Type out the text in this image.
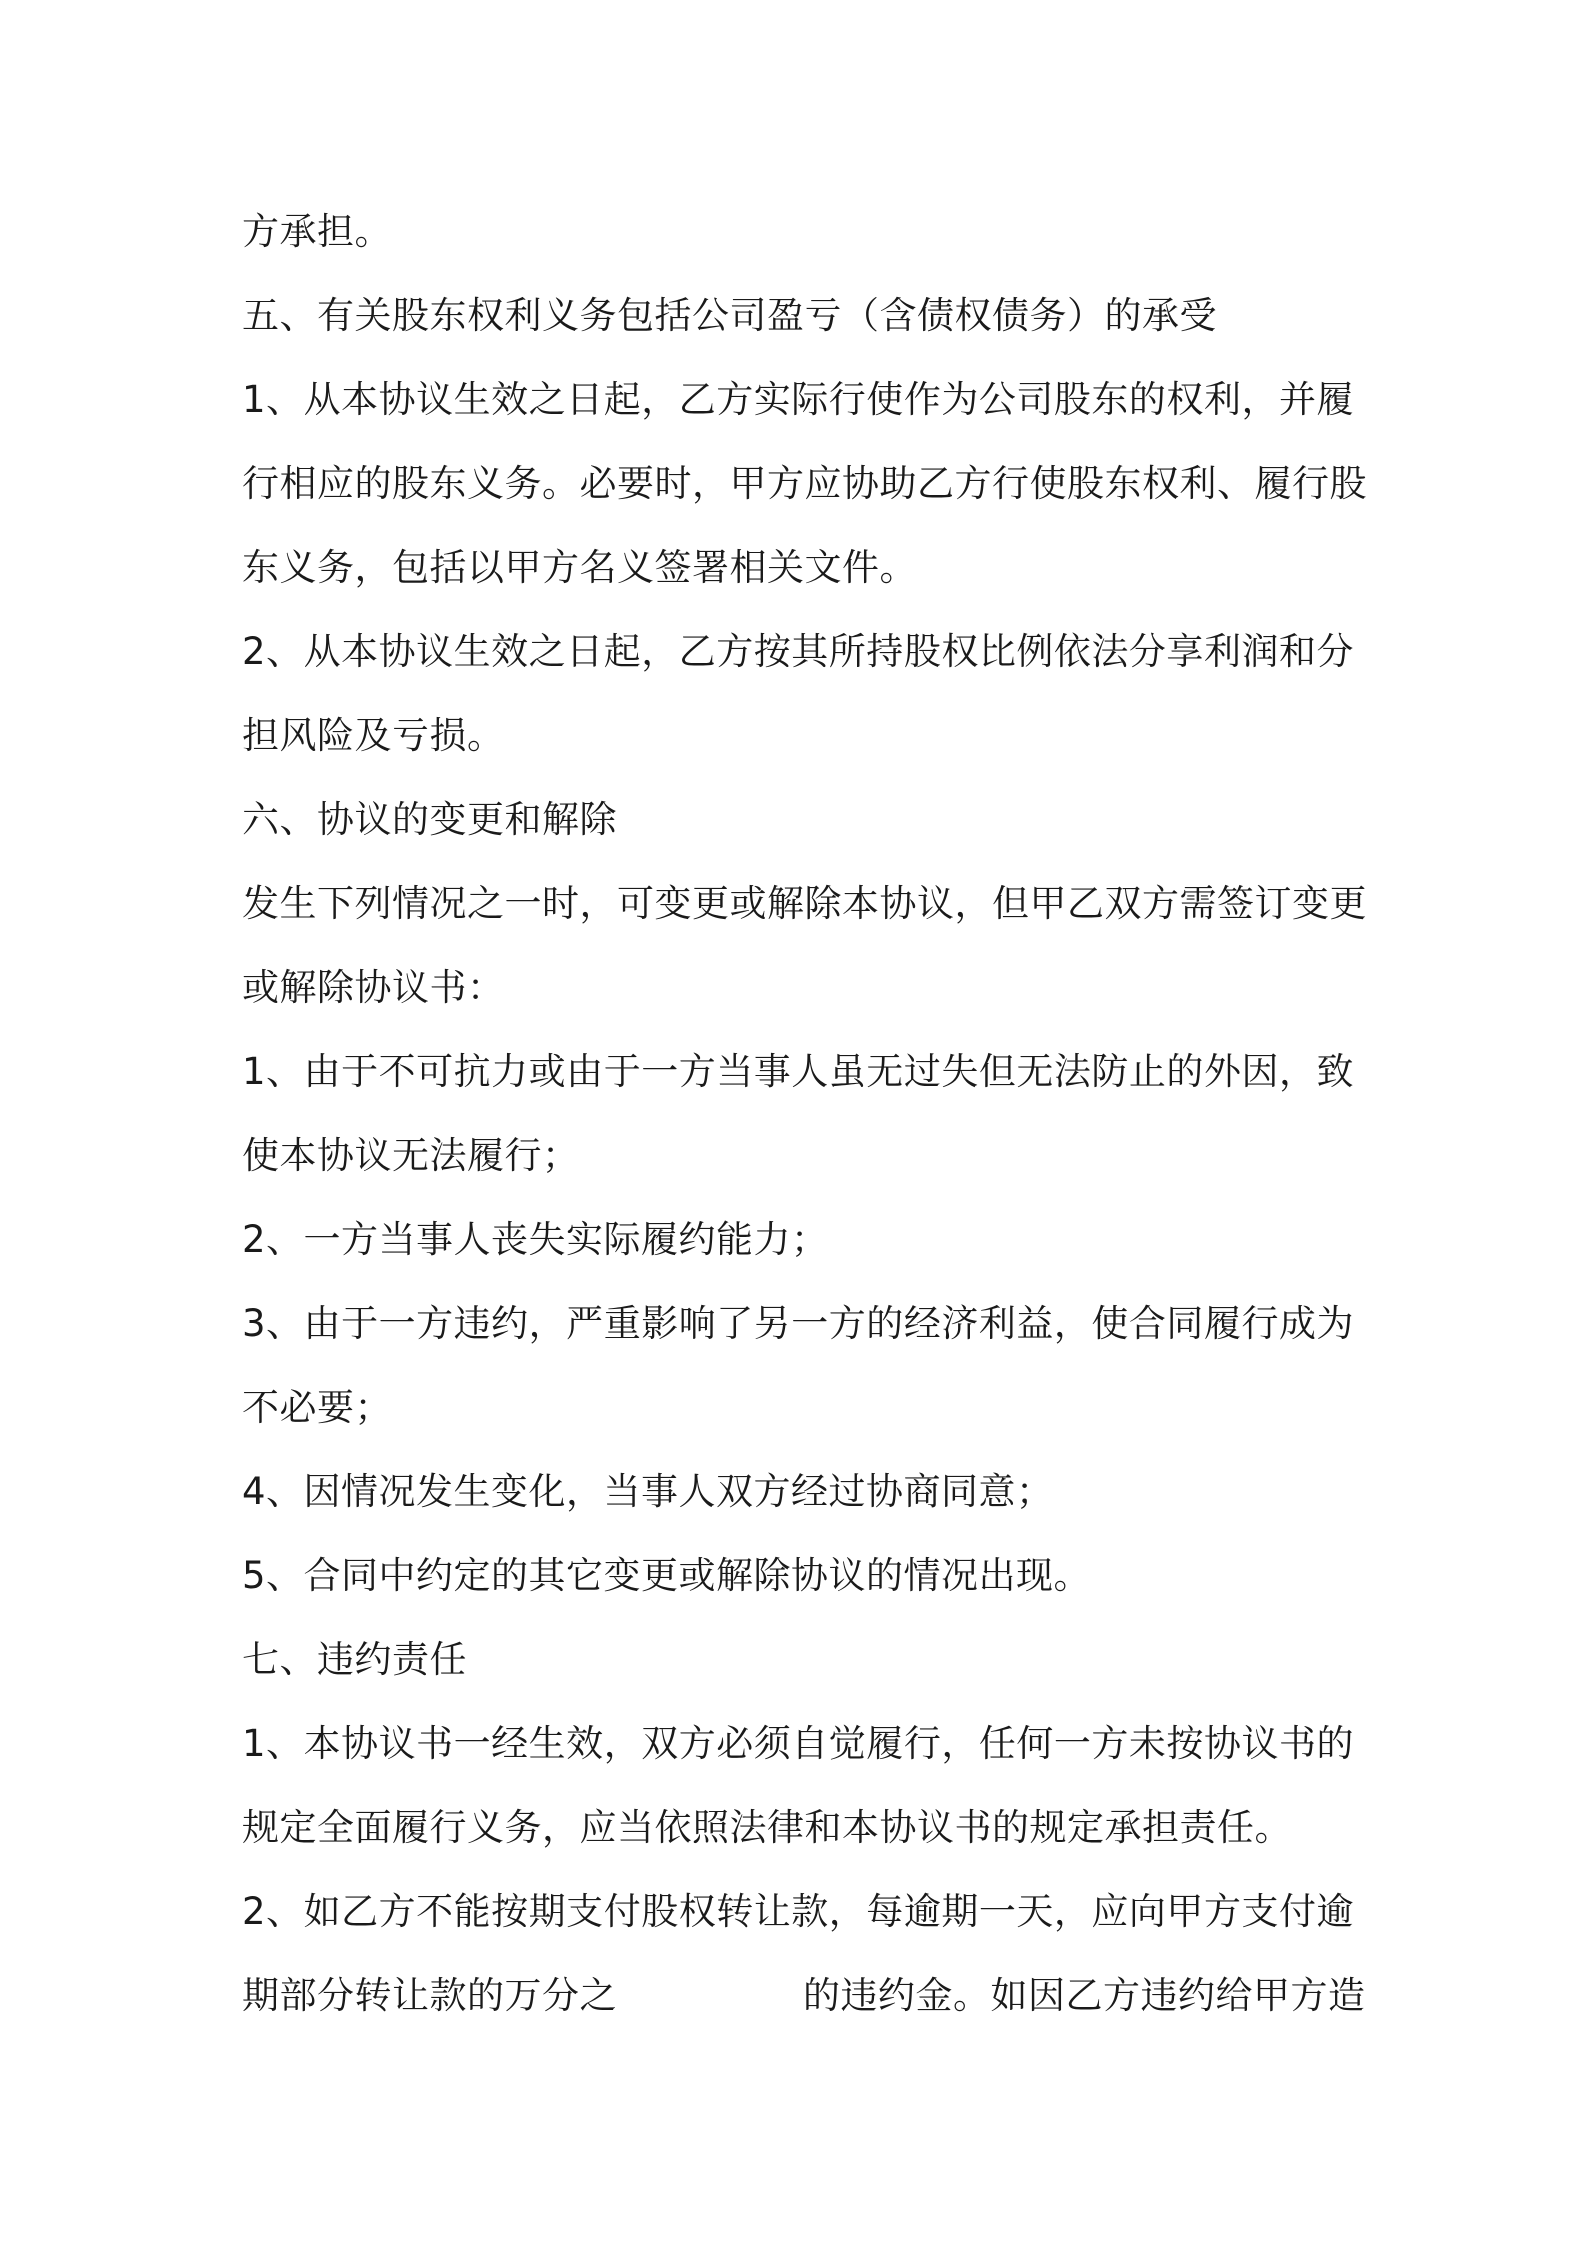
方承担。
五、有关股东权利义务包括公司盈亏（含债权债务）的承受
1、从本协议生效之日起，乙方实际行使作为公司股东的权利，并履
行相应的股东义务。必要时，甲方应协助乙方行使股东权利、履行股
东义务，包括以甲方名义签署相关文件。
2、从本协议生效之日起，乙方按其所持股权比例依法分享利润和分
担风险及亏损。
六、协议的变更和解除
发生下列情况之一时，可变更或解除本协议，但甲乙双方需签订变更
或解除协议书：
1、由于不可抗力或由于一方当事人虽无过失但无法防止的外因，致
使本协议无法履行；
2、一方当事人丧失实际履约能力；
3、由于一方违约，严重影响了另一方的经济利益，使合同履行成为
不必要；
4、因情况发生变化，当事人双方经过协商同意；
5、合同中约定的其它变更或解除协议的情况出现。
七、违约责任
1、本协议书一经生效，双方必须自觉履行，任何一方未按协议书的
规定全面履行义务，应当依照法律和本协议书的规定承担责任。
2、如乙方不能按期支付股权转让款，每逾期一天，应向甲方支付逾
期部分转让款的万分之	的违约金。如因乙方违约给甲方造
